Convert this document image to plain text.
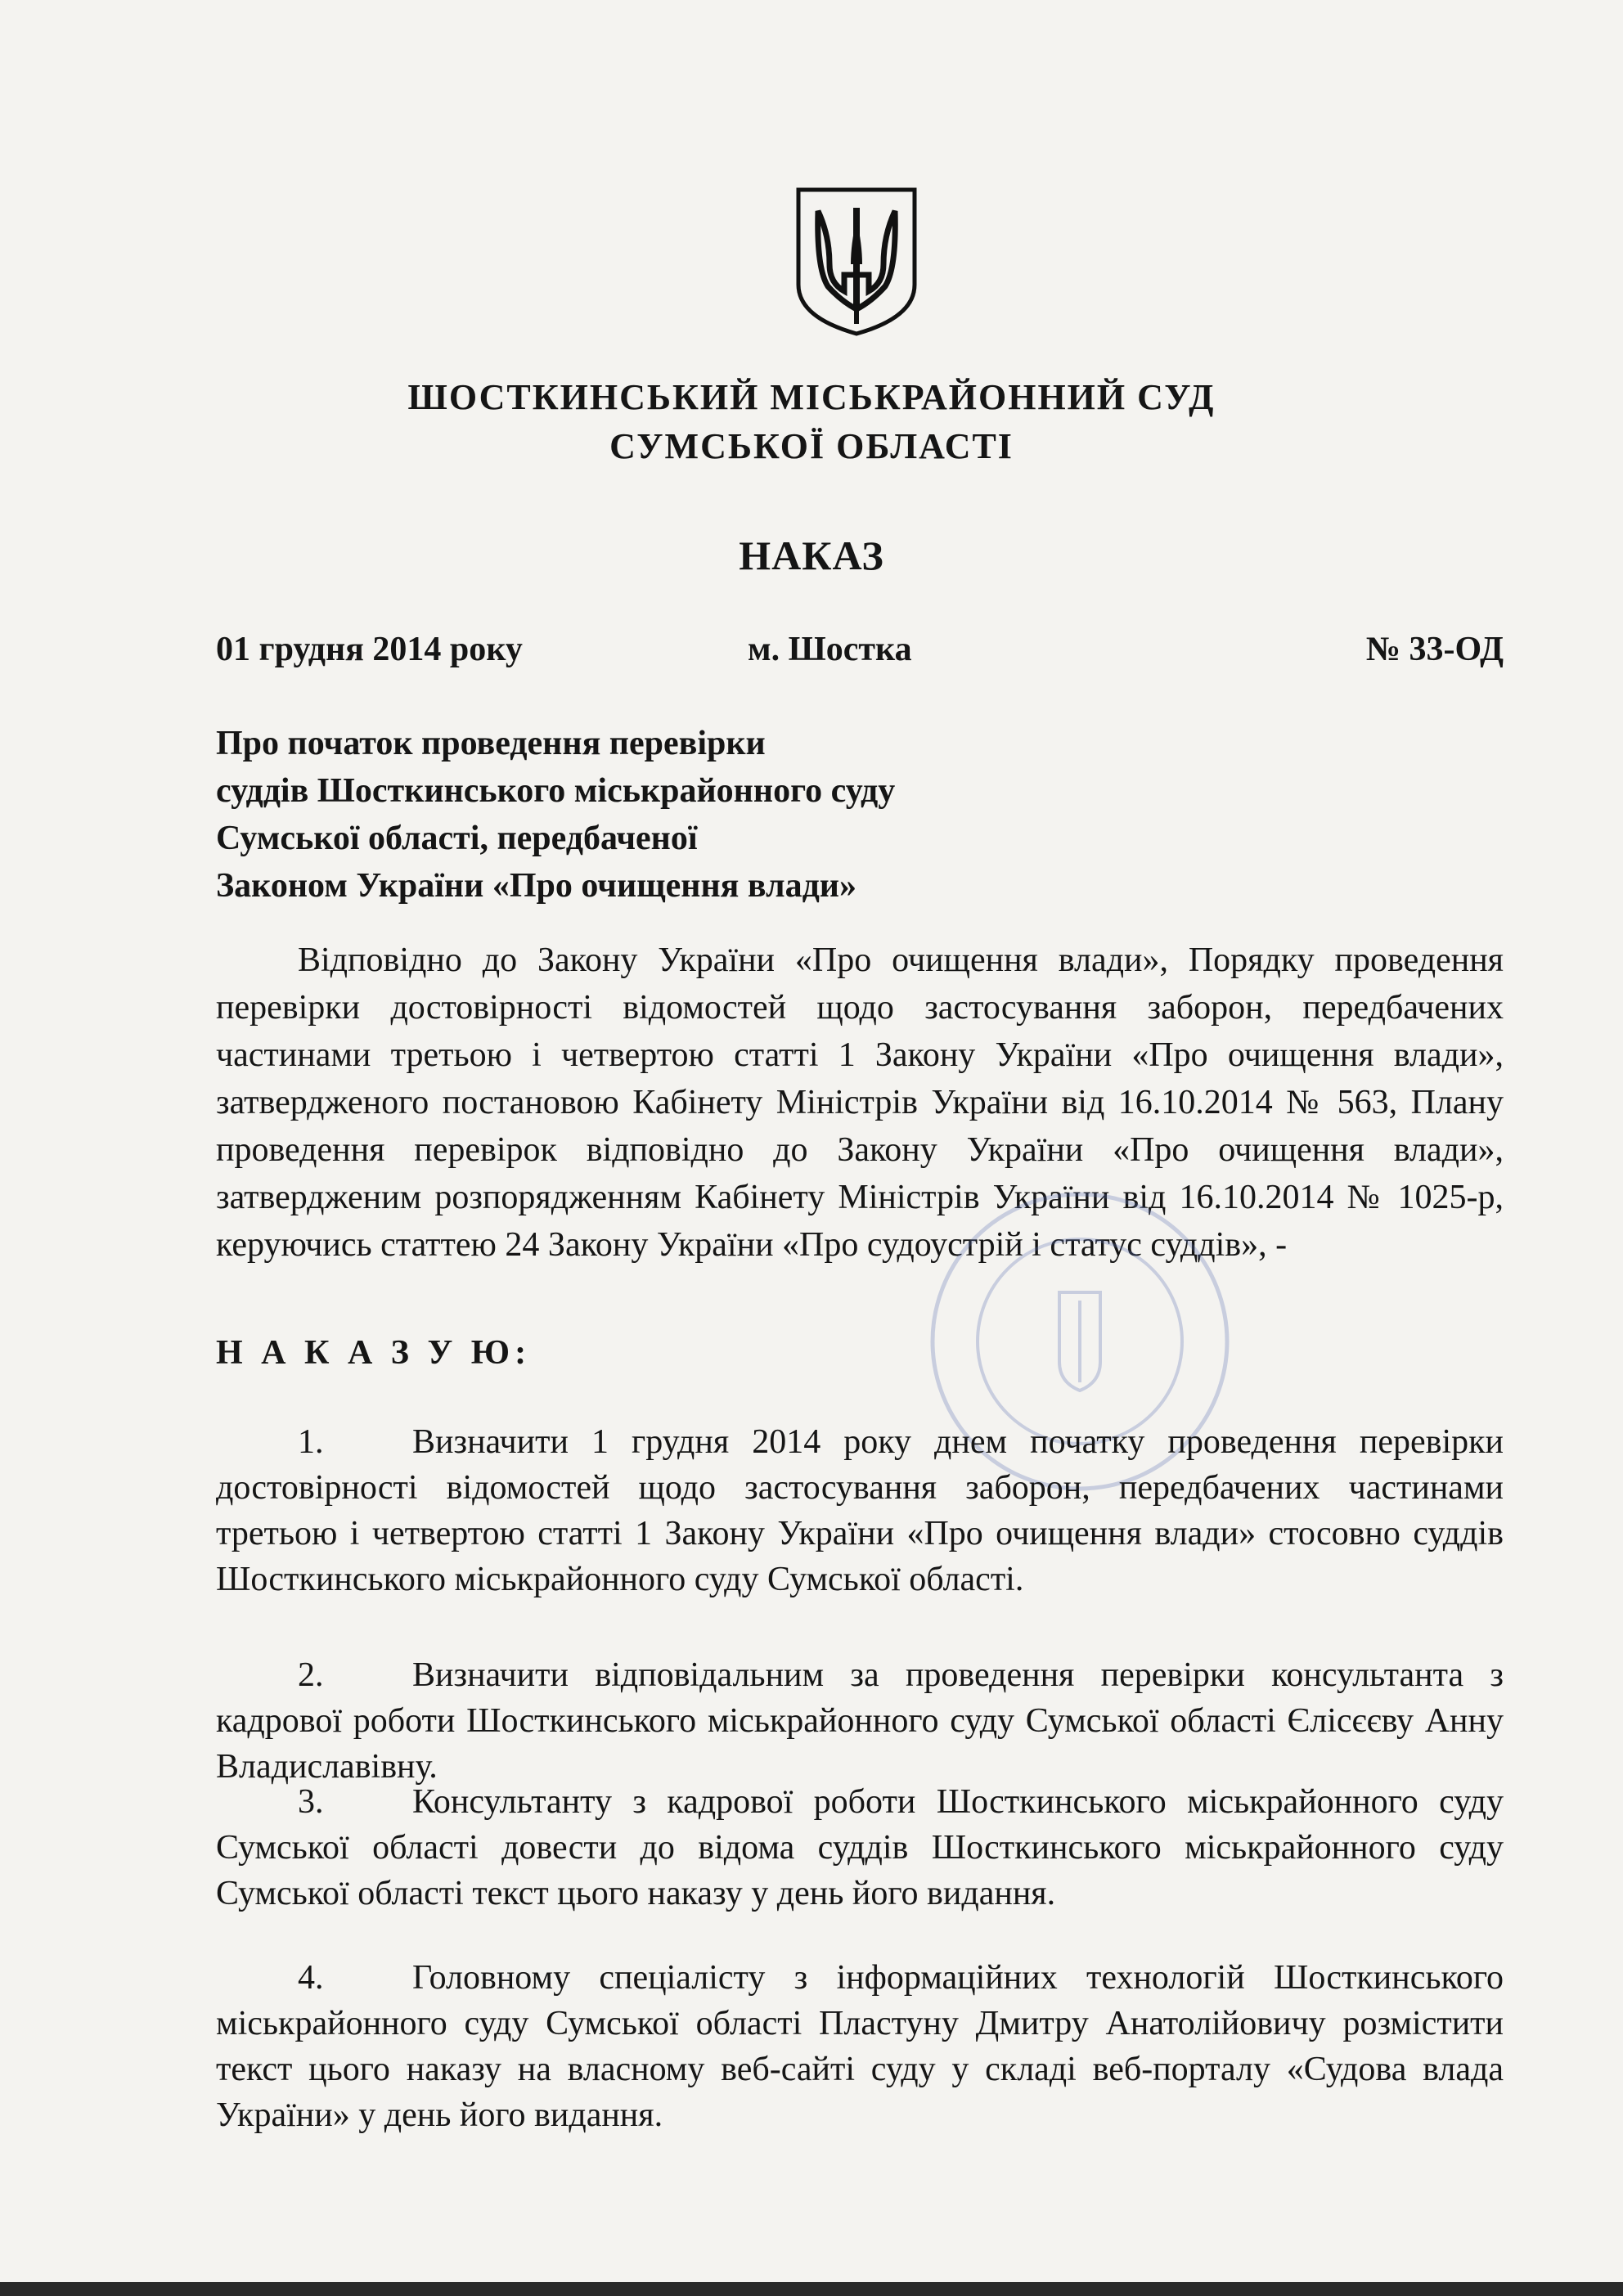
ШОСТКИНСЬКИЙ МІСЬКРАЙОННИЙ СУД
СУМСЬКОЇ ОБЛАСТІ
НАКАЗ
01 грудня 2014 року	м. Шостка	№ 33-ОД
Про початок проведення перевірки
суддів Шосткинського міськрайонного суду
Сумської області, передбаченої
Законом України «Про очищення влади»
Відповідно до Закону України «Про очищення влади», Порядку проведення перевірки достовірності відомостей щодо застосування заборон, передбачених частинами третьою і четвертою статті 1 Закону України «Про очищення влади», затвердженого постановою Кабінету Міністрів України від 16.10.2014 № 563, Плану проведення перевірок відповідно до Закону України «Про очищення влади», затвердженим розпорядженням Кабінету Міністрів України від 16.10.2014 № 1025-р, керуючись статтею 24 Закону України «Про судоустрій і статус суддів», -
Н А К А З У Ю:
1.	Визначити 1 грудня 2014 року днем початку проведення перевірки достовірності відомостей щодо застосування заборон, передбачених частинами третьою і четвертою статті 1 Закону України «Про очищення влади» стосовно суддів Шосткинського міськрайонного суду Сумської області.
2.	Визначити відповідальним за проведення перевірки консультанта з кадрової роботи Шосткинського міськрайонного суду Сумської області Єлісєєву Анну Владиславівну.
3.	Консультанту з кадрової роботи Шосткинського міськрайонного суду Сумської області довести до відома суддів Шосткинського міськрайонного суду Сумської області текст цього наказу у день його видання.
4.	Головному спеціалісту з інформаційних технологій Шосткинського міськрайонного суду Сумської області Пластуну Дмитру Анатолійовичу розмістити текст цього наказу на власному веб-сайті суду у складі веб-порталу «Судова влада України» у день його видання.
